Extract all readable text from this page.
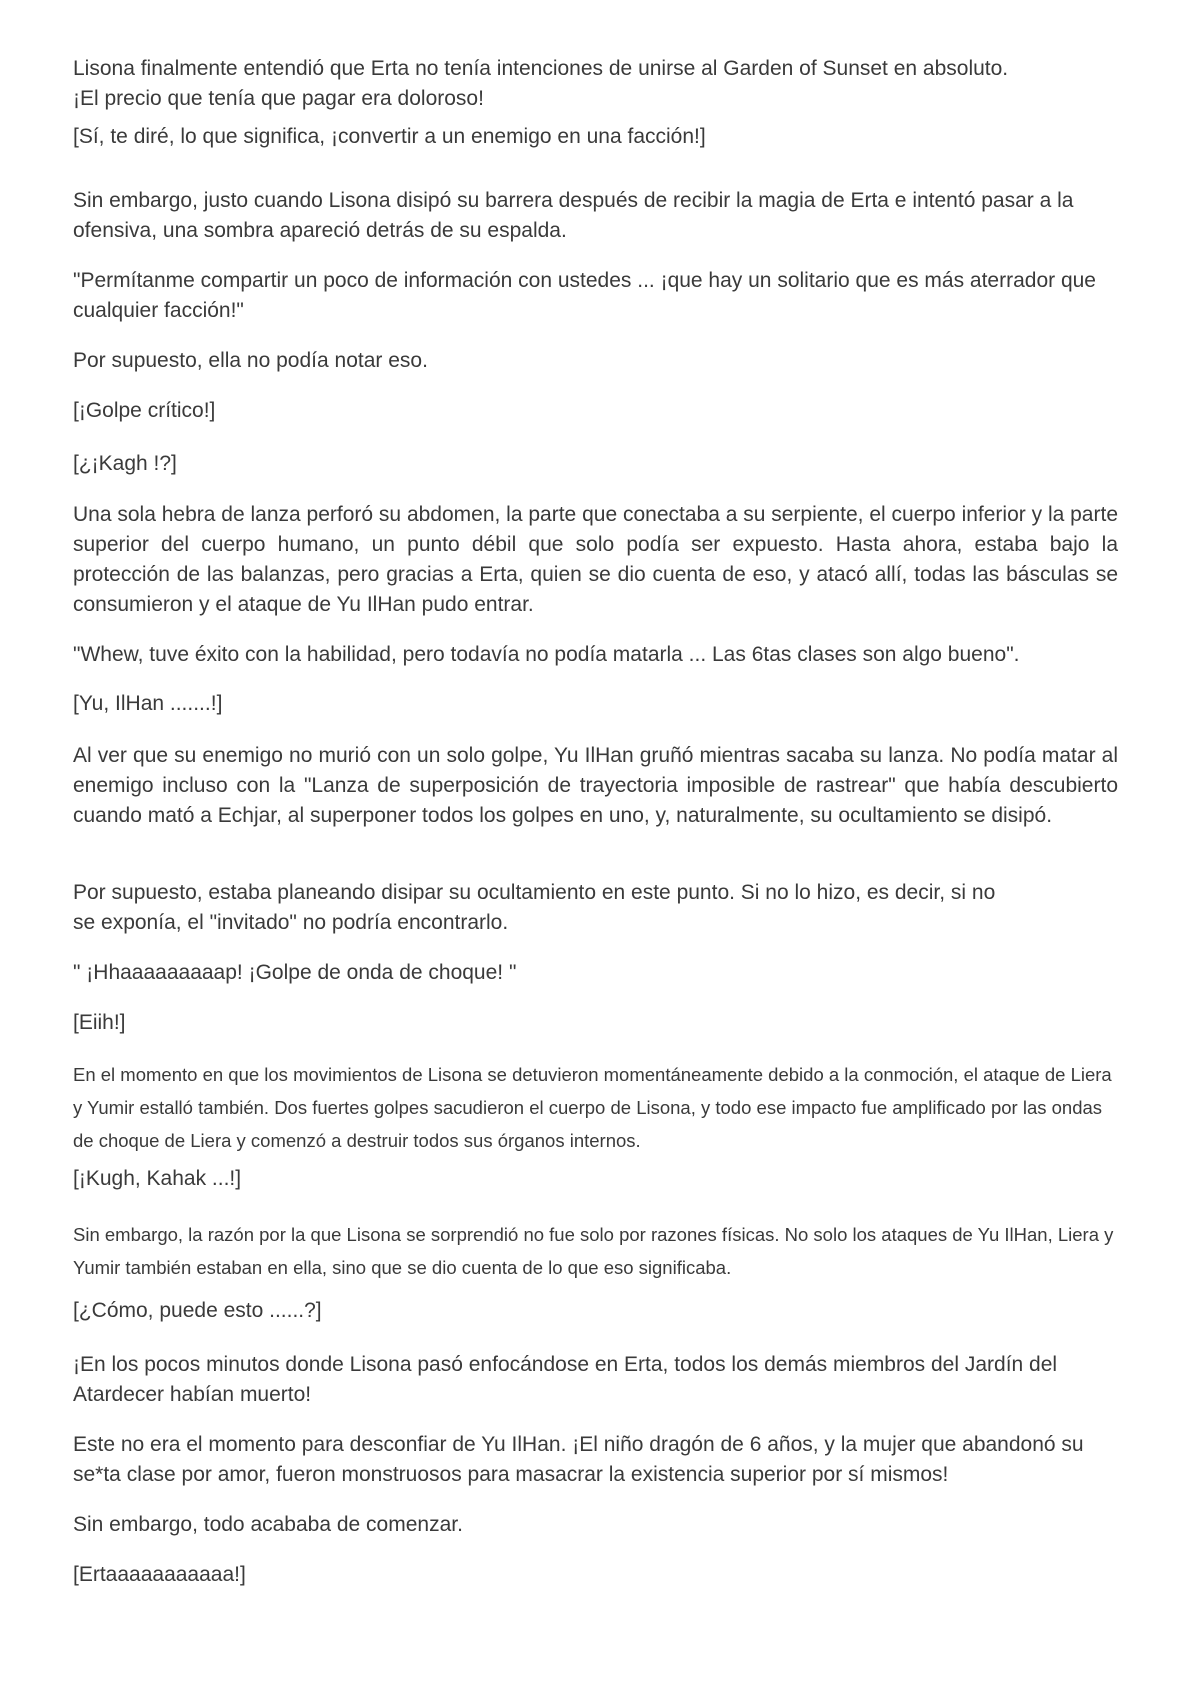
Lisona finalmente entendió que Erta no tenía intenciones de unirse al Garden of Sunset en absoluto.
¡El precio que tenía que pagar era doloroso!

[Sí, te diré, lo que significa, ¡convertir a un enemigo en una facción!]

Sin embargo, justo cuando Lisona disipó su barrera después de recibir la magia de Erta e intentó pasar a la ofensiva, una sombra apareció detrás de su espalda.

"Permítanme compartir un poco de información con ustedes ... ¡que hay un solitario que es más aterrador que cualquier facción!"

Por supuesto, ella no podía notar eso.

[¡Golpe crítico!]

[¿¡Kagh !?]

Una sola hebra de lanza perforó su abdomen, la parte que conectaba a su serpiente, el cuerpo inferior y la parte superior del cuerpo humano, un punto débil que solo podía ser expuesto. Hasta ahora, estaba bajo la protección de las balanzas, pero gracias a Erta, quien se dio cuenta de eso, y atacó allí, todas las básculas se consumieron y el ataque de Yu IlHan pudo entrar.

"Whew, tuve éxito con la habilidad, pero todavía no podía matarla ... Las 6tas clases son algo bueno".

[Yu, IlHan .......!]

Al ver que su enemigo no murió con un solo golpe, Yu IlHan gruñó mientras sacaba su lanza. No podía matar al enemigo incluso con la "Lanza de superposición de trayectoria imposible de rastrear" que había descubierto cuando mató a Echjar, al superponer todos los golpes en uno, y, naturalmente, su ocultamiento se disipó.

Por supuesto, estaba planeando disipar su ocultamiento en este punto. Si no lo hizo, es decir, si no
se exponía, el "invitado" no podría encontrarlo.

" ¡Hhaaaaaaaaap! ¡Golpe de onda de choque! "

[Eiih!]

En el momento en que los movimientos de Lisona se detuvieron momentáneamente debido a la conmoción, el ataque de Liera y Yumir estalló también. Dos fuertes golpes sacudieron el cuerpo de Lisona, y todo ese impacto fue amplificado por las ondas de choque de Liera y comenzó a destruir todos sus órganos internos.

[¡Kugh, Kahak ...!]

Sin embargo, la razón por la que Lisona se sorprendió no fue solo por razones físicas. No solo los ataques de Yu IlHan, Liera y Yumir también estaban en ella, sino que se dio cuenta de lo que eso significaba.

[¿Cómo, puede esto ......?]

¡En los pocos minutos donde Lisona pasó enfocándose en Erta, todos los demás miembros del Jardín del Atardecer habían muerto!

Este no era el momento para desconfiar de Yu IlHan. ¡El niño dragón de 6 años, y la mujer que abandonó su se*ta clase por amor, fueron monstruosos para masacrar la existencia superior por sí mismos!

Sin embargo, todo acababa de comenzar.

[Ertaaaaaaaaaaa!]
